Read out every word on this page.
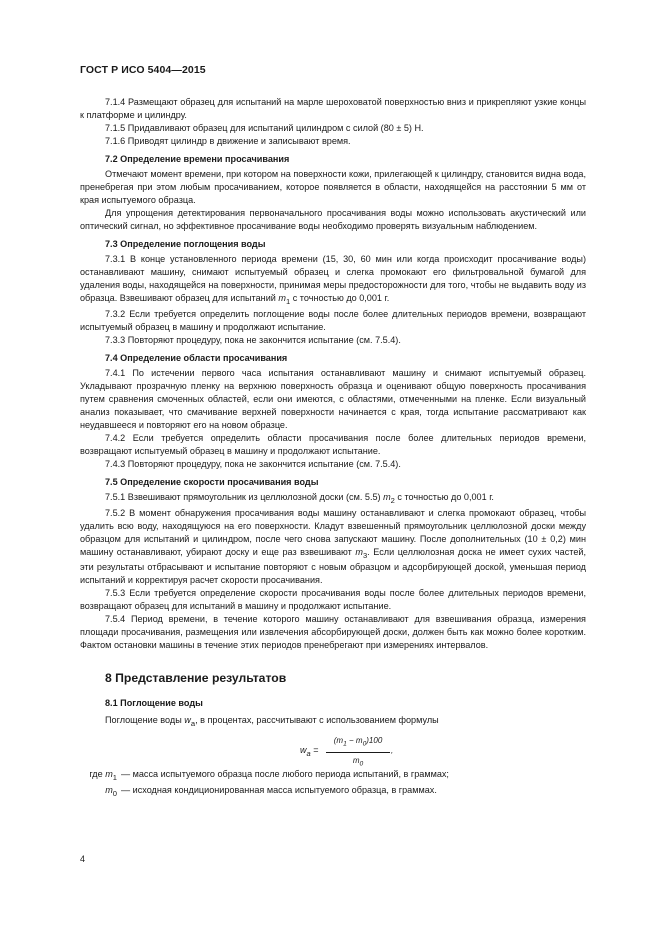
ГОСТ Р ИСО 5404—2015

7.1.4 Размещают образец для испытаний на марле шероховатой поверхностью вниз и прикрепляют узкие концы к платформе и цилиндру.

7.1.5 Придавливают образец для испытаний цилиндром с силой (80 ± 5) Н.

7.1.6 Приводят цилиндр в движение и записывают время.

7.2 Определение времени просачивания

Отмечают момент времени, при котором на поверхности кожи, прилегающей к цилиндру, становится видна вода, пренебрегая при этом любым просачиванием, которое появляется в области, находящейся на расстоянии 5 мм от края испытуемого образца.

Для упрощения детектирования первоначального просачивания воды можно использовать акустический или оптический сигнал, но эффективное просачивание воды необходимо проверять визуальным наблюдением.

7.3 Определение поглощения воды

7.3.1 В конце установленного периода времени (15, 30, 60 мин или когда происходит просачивание воды) останавливают машину, снимают испытуемый образец и слегка промокают его фильтровальной бумагой для удаления воды, находящейся на поверхности, принимая меры предосторожности для того, чтобы не выдавить воду из образца. Взвешивают образец для испытаний $m_1$ с точностью до 0,001 г.

7.3.2 Если требуется определить поглощение воды после более длительных периодов времени, возвращают испытуемый образец в машину и продолжают испытание.

7.3.3 Повторяют процедуру, пока не закончится испытание (см. 7.5.4).

7.4 Определение области просачивания

7.4.1 По истечении первого часа испытания останавливают машину и снимают испытуемый образец. Укладывают прозрачную пленку на верхнюю поверхность образца и оценивают общую поверхность просачивания путем сравнения смоченных областей, если они имеются, с областями, отмеченными на пленке. Если визуальный анализ показывает, что смачивание верхней поверхности начинается с края, тогда испытание рассматривают как неудавшееся и повторяют его на новом образце.

7.4.2 Если требуется определить области просачивания после более длительных периодов времени, возвращают испытуемый образец в машину и продолжают испытание.

7.4.3 Повторяют процедуру, пока не закончится испытание (см. 7.5.4).

7.5 Определение скорости просачивания воды

7.5.1 Взвешивают прямоугольник из целлюлозной доски (см. 5.5) $m_2$ с точностью до 0,001 г.

7.5.2 В момент обнаружения просачивания воды машину останавливают и слегка промокают образец, чтобы удалить всю воду, находящуюся на его поверхности. Кладут взвешенный прямоугольник целлюлозной доски между образцом для испытаний и цилиндром, после чего снова запускают машину. После дополнительных (10 ± 0,2) мин машину останавливают, убирают доску и еще раз взвешивают $m_3$. Если целлюлозная доска не имеет сухих частей, эти результаты отбрасывают и испытание повторяют с новым образцом и адсорбирующей доской, уменьшая период испытаний и корректируя расчет скорости просачивания.

7.5.3 Если требуется определение скорости просачивания воды после более длительных периодов времени, возвращают образец для испытаний в машину и продолжают испытание.

7.5.4 Период времени, в течение которого машину останавливают для взвешивания образца, измерения площади просачивания, размещения или извлечения абсорбирующей доски, должен быть как можно более коротким. Фактом остановки машины в течение этих периодов пренебрегают при измерениях интервалов.

8 Представление результатов
8.1 Поглощение воды

Поглощение воды $w_a$, в процентах, рассчитывают с использованием формулы

$w_a = \frac{(m_1 - m_0)100}{m_0}$ ,
где $m_1$ — масса испытуемого образца после любого периода испытаний, в граммах;
$m_0$ — исходная кондиционированная масса испытуемого образца, в граммах.
4
